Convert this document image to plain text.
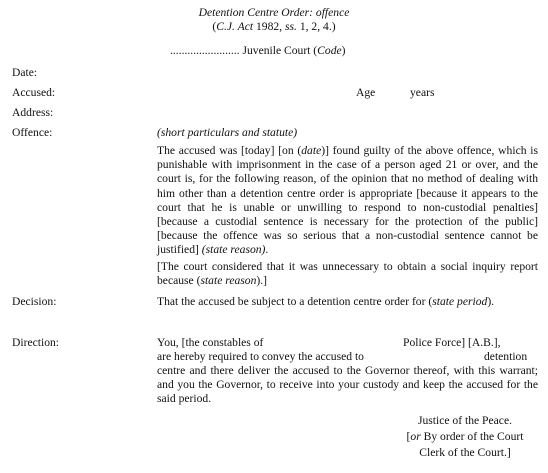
Detention Centre Order: offence
(C.J. Act 1982, ss. 1, 2, 4.)
........................ Juvenile Court (Code)
Date:
Accused:	Age	years
Address:
Offence:	(short particulars and statute)
The accused was [today] [on (date)] found guilty of the above offence, which is punishable with imprisonment in the case of a person aged 21 or over, and the court is, for the following reason, of the opinion that no method of dealing with him other than a detention centre order is appropriate [because it appears to the court that he is unable or unwilling to respond to non-custodial penalties] [because a custodial sentence is necessary for the protection of the public] [because the offence was so serious that a non-custodial sentence cannot be justified] (state reason).
[The court considered that it was unnecessary to obtain a social inquiry report because (state reason).]
Decision:	That the accused be subject to a detention centre order for (state period).
Direction:	You, [the constables of	Police Force] [A.B.],
are hereby required to convey the accused to	detention
centre and there deliver the accused to the Governor thereof, with this warrant; and you the Governor, to receive into your custody and keep the accused for the said period.
Justice of the Peace.
[or By order of the Court
Clerk of the Court.]
